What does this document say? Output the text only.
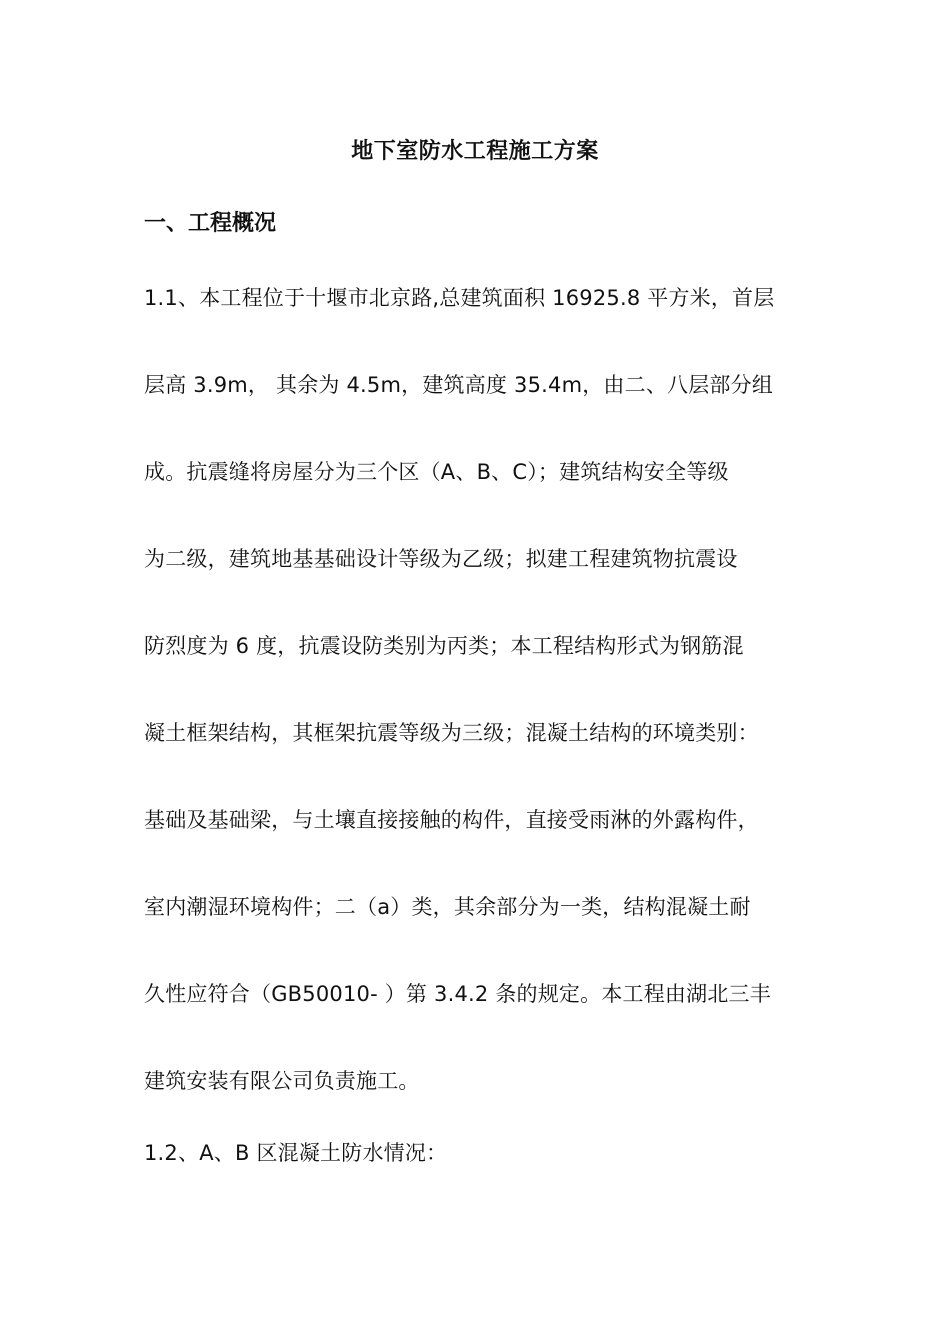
地下室防水工程施工方案
一、工程概况

1.1、本工程位于十堰市北京路,总建筑面积 16925.8 平方米，首层

层高 3.9m， 其余为 4.5m，建筑高度 35.4m，由二、八层部分组

成。抗震缝将房屋分为三个区（A、B、C）；建筑结构安全等级

为二级，建筑地基基础设计等级为乙级；拟建工程建筑物抗震设

防烈度为 6 度，抗震设防类别为丙类；本工程结构形式为钢筋混

凝土框架结构，其框架抗震等级为三级；混凝土结构的环境类别：

基础及基础梁，与土壤直接接触的构件，直接受雨淋的外露构件，

室内潮湿环境构件；二（a）类，其余部分为一类，结构混凝土耐

久性应符合（GB50010- ）第 3.4.2 条的规定。本工程由湖北三丰

建筑安装有限公司负责施工。

1.2、A、B 区混凝土防水情况：
